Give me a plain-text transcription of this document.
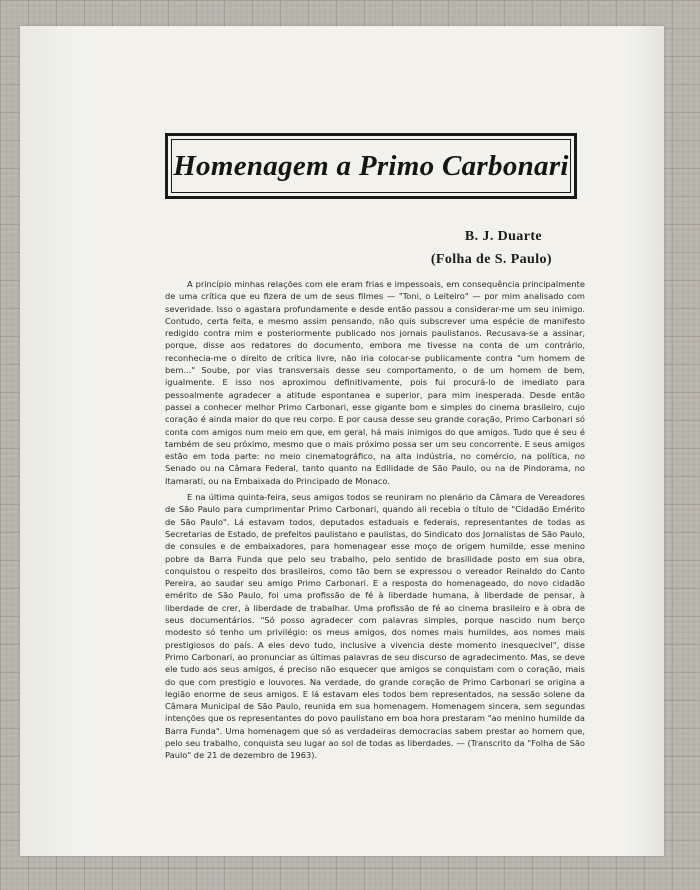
Homenagem a Primo Carbonari
B. J. Duarte
(Folha de S. Paulo)

A princípio minhas relações com ele eram frias e impessoais, em consequência principalmente de uma crítica que eu fizera de um de seus filmes — "Toni, o Leiteiro" — por mim analisado com severidade. Isso o agastara profundamente e desde então passou a considerar-me um seu inimigo. Contudo, certa feita, e mesmo assim pensando, não quis subscrever uma espécie de manifesto redigido contra mim e posteriormente publicado nos jornais paulistanos. Recusava-se a assinar, porque, disse aos redatores do documento, embora me tivesse na conta de um contrário, reconhecia-me o direito de crítica livre, não iria colocar-se publicamente contra "um homem de bem..." Soube, por vias transversais desse seu comportamento, o de um homem de bem, igualmente. E isso nos aproximou definitivamente, pois fui procurá-lo de imediato para pessoalmente agradecer a atitude espontanea e superior, para mim inesperada. Desde então passei a conhecer melhor Primo Carbonari, esse gigante bom e simples do cinema brasileiro, cujo coração é ainda maior do que reu corpo. E por causa desse seu grande coração, Primo Carbonari só conta com amigos num meio em que, em geral, há mais inimigos do que amigos. Tudo que é seu é também de seu próximo, mesmo que o mais próximo possa ser um seu concorrente. E seus amigos estão em toda parte: no meio cinematográfico, na alta indústria, no comércio, na política, no Senado ou na Câmara Federal, tanto quanto na Edilidade de São Paulo, ou na de Pindorama, no Itamarati, ou na Embaixada do Principado de Monaco.

E na última quinta-feira, seus amigos todos se reuniram no plenário da Câmara de Vereadores de São Paulo para cumprimentar Primo Carbonari, quando ali recebia o título de "Cidadão Emérito de São Paulo". Lá estavam todos, deputados estaduais e federais, representantes de todas as Secretarias de Estado, de prefeitos paulistano e paulistas, do Sindicato dos Jornalistas de São Paulo, de consules e de embaixadores, para homenagear esse moço de origem humilde, esse menino pobre da Barra Funda que pelo seu trabalho, pelo sentido de brasilidade posto em sua obra, conquistou o respeito dos brasileiros, como tão bem se expressou o vereador Reinaldo do Canto Pereira, ao saudar seu amigo Primo Carbonari. E a resposta do homenageado, do novo cidadão emérito de São Paulo, foi uma profissão de fé à liberdade humana, à liberdade de pensar, à liberdade de crer, à liberdade de trabalhar. Uma profissão de fé ao cinema brasileiro e à obra de seus documentários. "Só posso agradecer com palavras simples, porque nascido num berço modesto só tenho um privilégio: os meus amigos, dos nomes mais humildes, aos nomes mais prestigiosos do país. A eles devo tudo, inclusive a vivencia deste momento inesquecivel", disse Primo Carbonari, ao pronunciar as últimas palavras de seu discurso de agradecimento. Mas, se deve ele tudo aos seus amigos, é preciso não esquecer que amigos se conquistam com o coração, mais do que com prestigio e louvores. Na verdade, do grande coração de Primo Carbonari se origina a legião enorme de seus amigos. E lá estavam eles todos bem representados, na sessão solene da Câmara Municipal de São Paulo, reunida em sua homenagem. Homenagem sincera, sem segundas intenções que os representantes do povo paulistano em boa hora prestaram "ao menino humilde da Barra Funda". Uma homenagem que só as verdadeiras democracias sabem prestar ao homem que, pelo seu trabalho, conquista seu lugar ao sol de todas as liberdades. — (Transcrito da "Folha de São Paulo" de 21 de dezembro de 1963).
